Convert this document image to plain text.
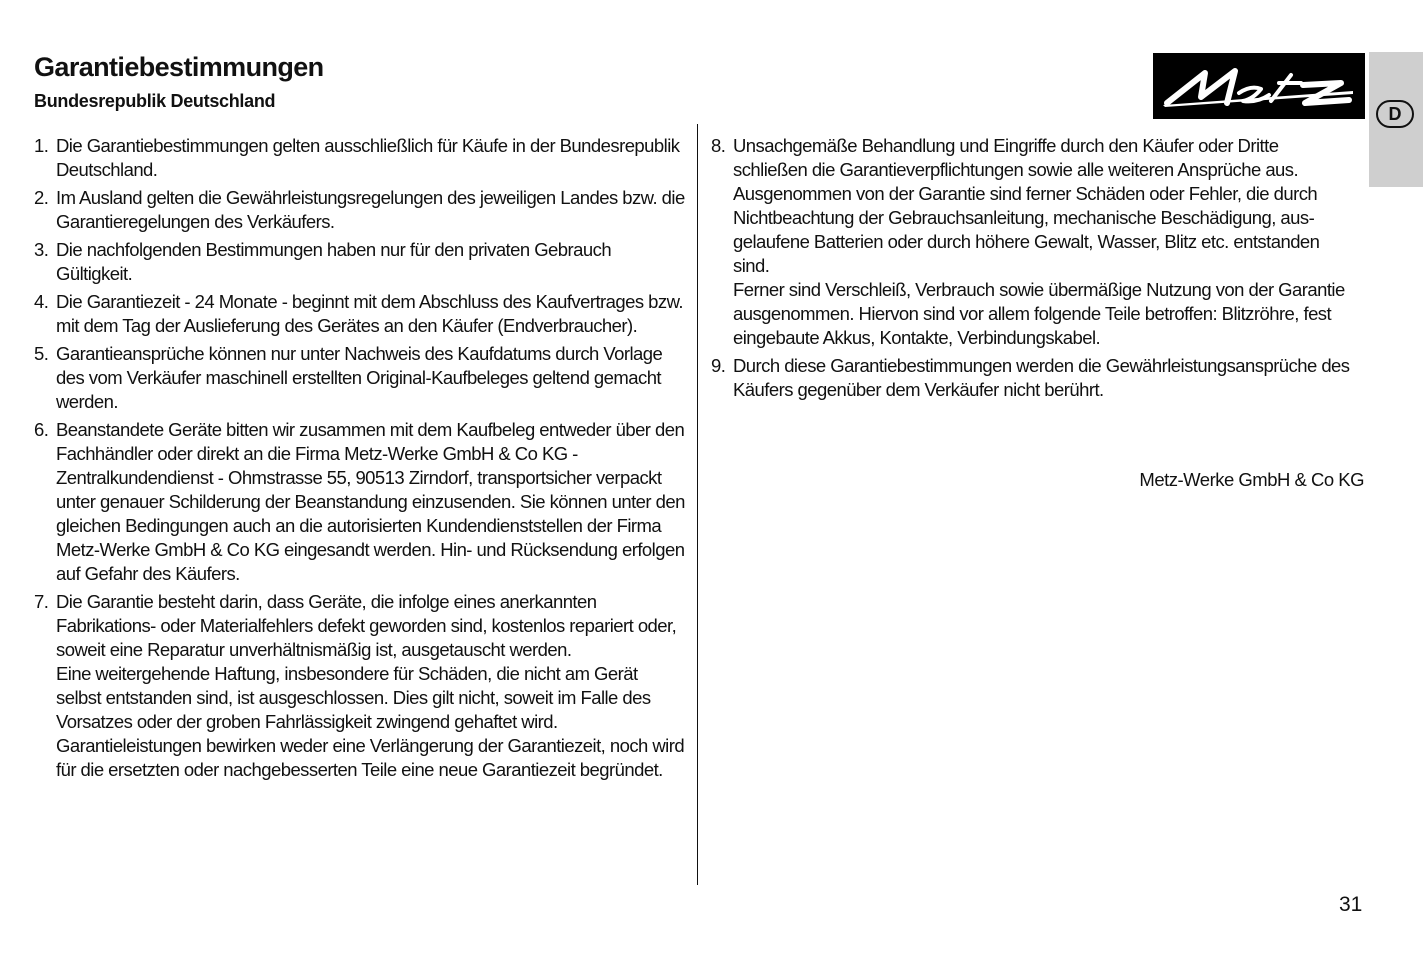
Garantiebestimmungen
Bundesrepublik Deutschland
D
1. Die Garantiebestimmungen gelten ausschließlich für Käufe in der Bundesrepublik Deutschland.
2. Im Ausland gelten die Gewährleistungsregelungen des jeweiligen Landes bzw. die Garantieregelungen des Verkäufers.
3. Die nachfolgenden Bestimmungen haben nur für den privaten Gebrauch Gültigkeit.
4. Die Garantiezeit - 24 Monate - beginnt mit dem Abschluss des Kaufvertrages bzw. mit dem Tag der Auslieferung des Gerätes an den Käufer (Endverbraucher).
5. Garantieansprüche können nur unter Nachweis des Kaufdatums durch Vorlage des vom Verkäufer maschinell erstellten Original-Kaufbeleges geltend gemacht werden.
6. Beanstandete Geräte bitten wir zusammen mit dem Kaufbeleg entweder über den Fachhändler oder direkt an die Firma Metz-Werke GmbH & Co KG - Zentralkundendienst - Ohmstrasse 55, 90513 Zirndorf, transportsicher verpackt unter genauer Schilderung der Beanstandung einzusenden. Sie können unter den gleichen Bedingungen auch an die autorisierten Kundendienststellen der Firma Metz-Werke GmbH & Co KG eingesandt werden. Hin- und Rücksendung erfolgen auf Gefahr des Käufers.
7. Die Garantie besteht darin, dass Geräte, die infolge eines anerkannten Fabrikations- oder Materialfehlers defekt geworden sind, kostenlos repariert oder, soweit eine Reparatur unverhältnismäßig ist, ausgetauscht werden.
Eine weitergehende Haftung, insbesondere für Schäden, die nicht am Gerät selbst entstanden sind, ist ausgeschlossen. Dies gilt nicht, soweit im Falle des Vorsatzes oder der groben Fahrlässigkeit zwingend gehaftet wird. Garantieleistungen bewirken weder eine Verlängerung der Garantiezeit, noch wird für die ersetzten oder nachgebesserten Teile eine neue Garantiezeit begründet.
8. Unsachgemäße Behandlung und Eingriffe durch den Käufer oder Dritte schließen die Garantieverpflichtungen sowie alle weiteren Ansprüche aus. Ausgenommen von der Garantie sind ferner Schäden oder Fehler, die durch Nichtbeachtung der Gebrauchsanleitung, mechanische Beschädigung, ausgelaufene Batterien oder durch höhere Gewalt, Wasser, Blitz etc. entstanden sind.
Ferner sind Verschleiß, Verbrauch sowie übermäßige Nutzung von der Garantie ausgenommen. Hiervon sind vor allem folgende Teile betroffen: Blitzröhre, fest eingebaute Akkus, Kontakte, Verbindungskabel.
9. Durch diese Garantiebestimmungen werden die Gewährleistungsansprüche des Käufers gegenüber dem Verkäufer nicht berührt.
Metz-Werke GmbH & Co KG
31
